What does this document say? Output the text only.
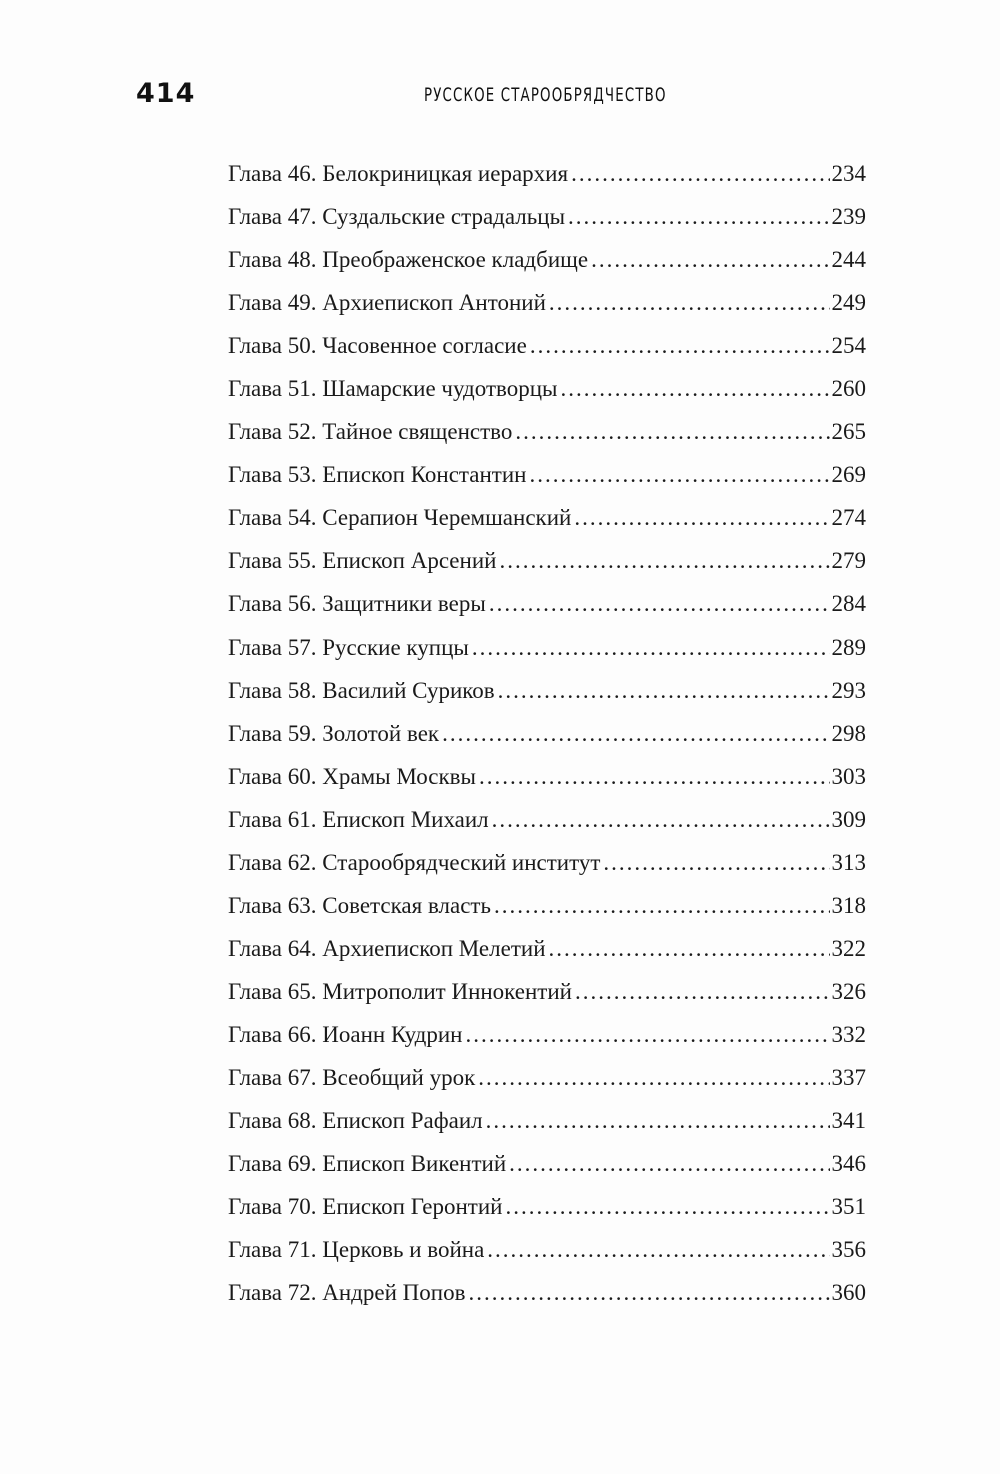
414	РУССКОЕ СТАРООБРЯДЧЕСТВО
Глава 46. Белокриницкая иерархия .....	234
Глава 47. Суздальские страдальцы .....	239
Глава 48. Преображенское кладбище .....	244
Глава 49. Архиепископ Антоний .....	249
Глава 50. Часовенное согласие .....	254
Глава 51. Шамарские чудотворцы .....	260
Глава 52. Тайное священство .....	265
Глава 53. Епископ Константин .....	269
Глава 54. Серапион Черемшанский .....	274
Глава 55. Епископ Арсений .....	279
Глава 56. Защитники веры .....	284
Глава 57. Русские купцы .....	289
Глава 58. Василий Суриков .....	293
Глава 59. Золотой век .....	298
Глава 60. Храмы Москвы .....	303
Глава 61. Епископ Михаил .....	309
Глава 62. Старообрядческий институт .....	313
Глава 63. Советская власть .....	318
Глава 64. Архиепископ Мелетий .....	322
Глава 65. Митрополит Иннокентий .....	326
Глава 66. Иоанн Кудрин .....	332
Глава 67. Всеобщий урок .....	337
Глава 68. Епископ Рафаил .....	341
Глава 69. Епископ Викентий .....	346
Глава 70. Епископ Геронтий .....	351
Глава 71. Церковь и война .....	356
Глава 72. Андрей Попов .....	360
